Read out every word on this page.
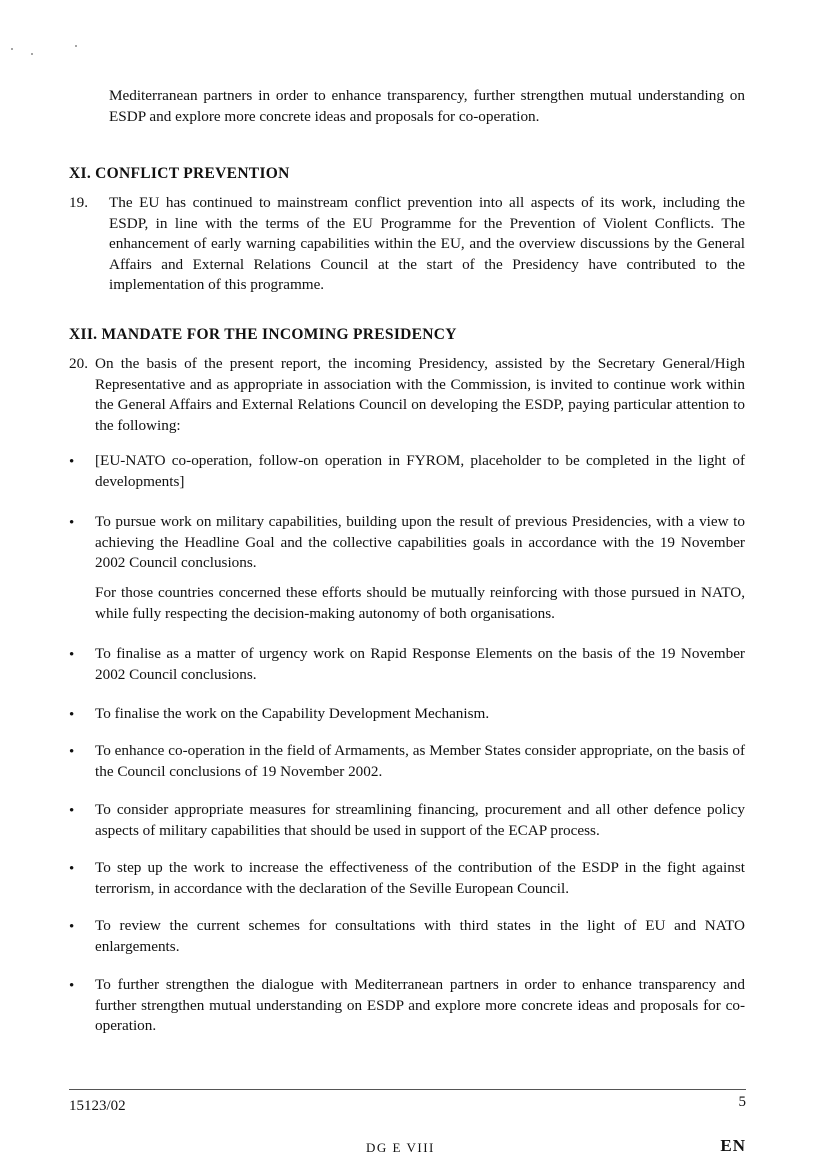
Mediterranean partners in order to enhance transparency, further strengthen mutual understanding on ESDP and explore more concrete ideas and proposals for co-operation.

XI. CONFLICT PREVENTION
19. The EU has continued to mainstream conflict prevention into all aspects of its work, including the ESDP, in line with the terms of the EU Programme for the Prevention of Violent Conflicts. The enhancement of early warning capabilities within the EU, and the overview discussions by the General Affairs and External Relations Council at the start of the Presidency have contributed to the implementation of this programme.

XII. MANDATE FOR THE INCOMING PRESIDENCY
20. On the basis of the present report, the incoming Presidency, assisted by the Secretary General/High Representative and as appropriate in association with the Commission, is invited to continue work within the General Affairs and External Relations Council on developing the ESDP, paying particular attention to the following:

• [EU-NATO co-operation, follow-on operation in FYROM, placeholder to be completed in the light of developments]

• To pursue work on military capabilities, building upon the result of previous Presidencies, with a view to achieving the Headline Goal and the collective capabilities goals in accordance with the 19 November 2002 Council conclusions.

For those countries concerned these efforts should be mutually reinforcing with those pursued in NATO, while fully respecting the decision-making autonomy of both organisations.

• To finalise as a matter of urgency work on Rapid Response Elements on the basis of the 19 November 2002 Council conclusions.

• To finalise the work on the Capability Development Mechanism.

• To enhance co-operation in the field of Armaments, as Member States consider appropriate, on the basis of the Council conclusions of 19 November 2002.

• To consider appropriate measures for streamlining financing, procurement and all other defence policy aspects of military capabilities that should be used in support of the ECAP process.

• To step up the work to increase the effectiveness of the contribution of the ESDP in the fight against terrorism, in accordance with the declaration of the Seville European Council.

• To review the current schemes for consultations with third states in the light of EU and NATO enlargements.

• To further strengthen the dialogue with Mediterranean partners in order to enhance transparency and further strengthen mutual understanding on ESDP and explore more concrete ideas and proposals for co-operation.

15123/02	5
DG E VIII	EN
